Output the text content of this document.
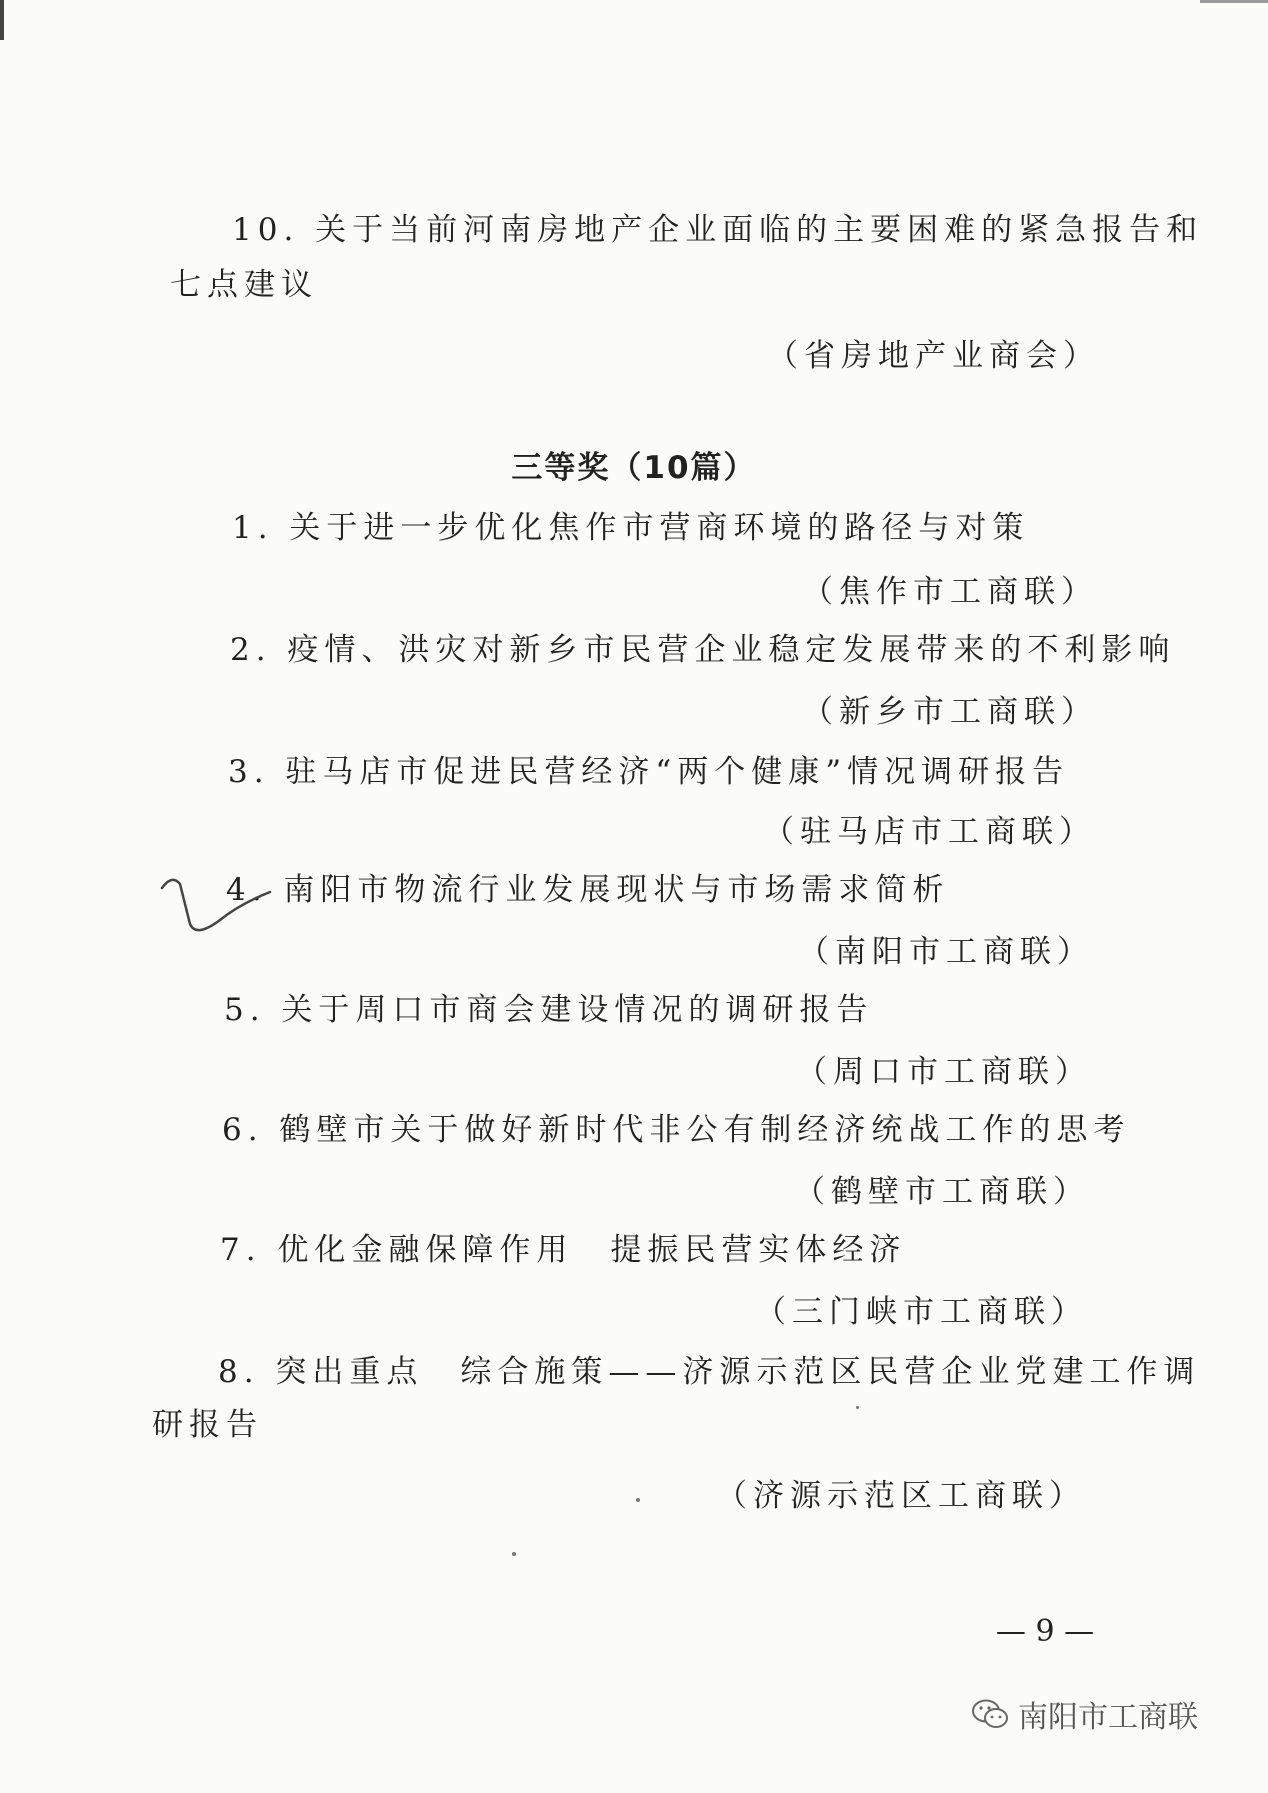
10. 关于当前河南房地产企业面临的主要困难的紧急报告和
七点建议
（省房地产业商会）
三等奖（10篇）
1. 关于进一步优化焦作市营商环境的路径与对策
（焦作市工商联）
2. 疫情、洪灾对新乡市民营企业稳定发展带来的不利影响
（新乡市工商联）
3. 驻马店市促进民营经济“两个健康”情况调研报告
（驻马店市工商联）
4. 南阳市物流行业发展现状与市场需求简析
（南阳市工商联）
5. 关于周口市商会建设情况的调研报告
（周口市工商联）
6. 鹤壁市关于做好新时代非公有制经济统战工作的思考
（鹤壁市工商联）
7. 优化金融保障作用　提振民营实体经济
（三门峡市工商联）
8. 突出重点　综合施策——济源示范区民营企业党建工作调
研报告
（济源示范区工商联）
— 9 —
南阳市工商联
